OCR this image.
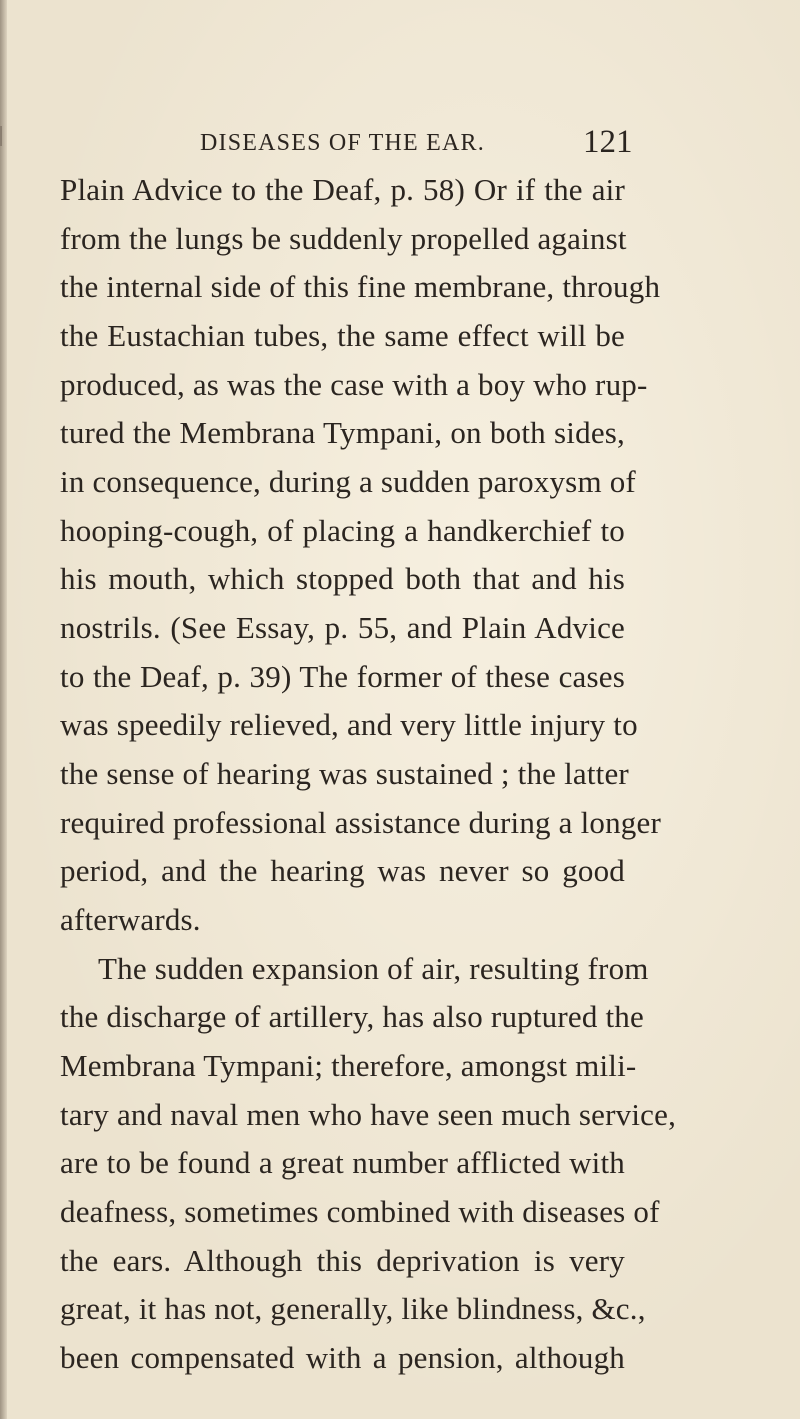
DISEASES OF THE EAR.	121
Plain Advice to the Deaf, p. 58) Or if the air
from the lungs be suddenly propelled against
the internal side of this fine membrane, through
the Eustachian tubes, the same effect will be
produced, as was the case with a boy who rup-
tured the Membrana Tympani, on both sides,
in consequence, during a sudden paroxysm of
hooping-cough, of placing a handkerchief to
his mouth, which stopped both that and his
nostrils. (See Essay, p. 55, and Plain Advice
to the Deaf, p. 39) The former of these cases
was speedily relieved, and very little injury to
the sense of hearing was sustained ; the latter
required professional assistance during a longer
period, and the hearing was never so good
afterwards.
The sudden expansion of air, resulting from
the discharge of artillery, has also ruptured the
Membrana Tympani; therefore, amongst mili-
tary and naval men who have seen much service,
are to be found a great number afflicted with
deafness, sometimes combined with diseases of
the ears. Although this deprivation is very
great, it has not, generally, like blindness, &c.,
been compensated with a pension, although
